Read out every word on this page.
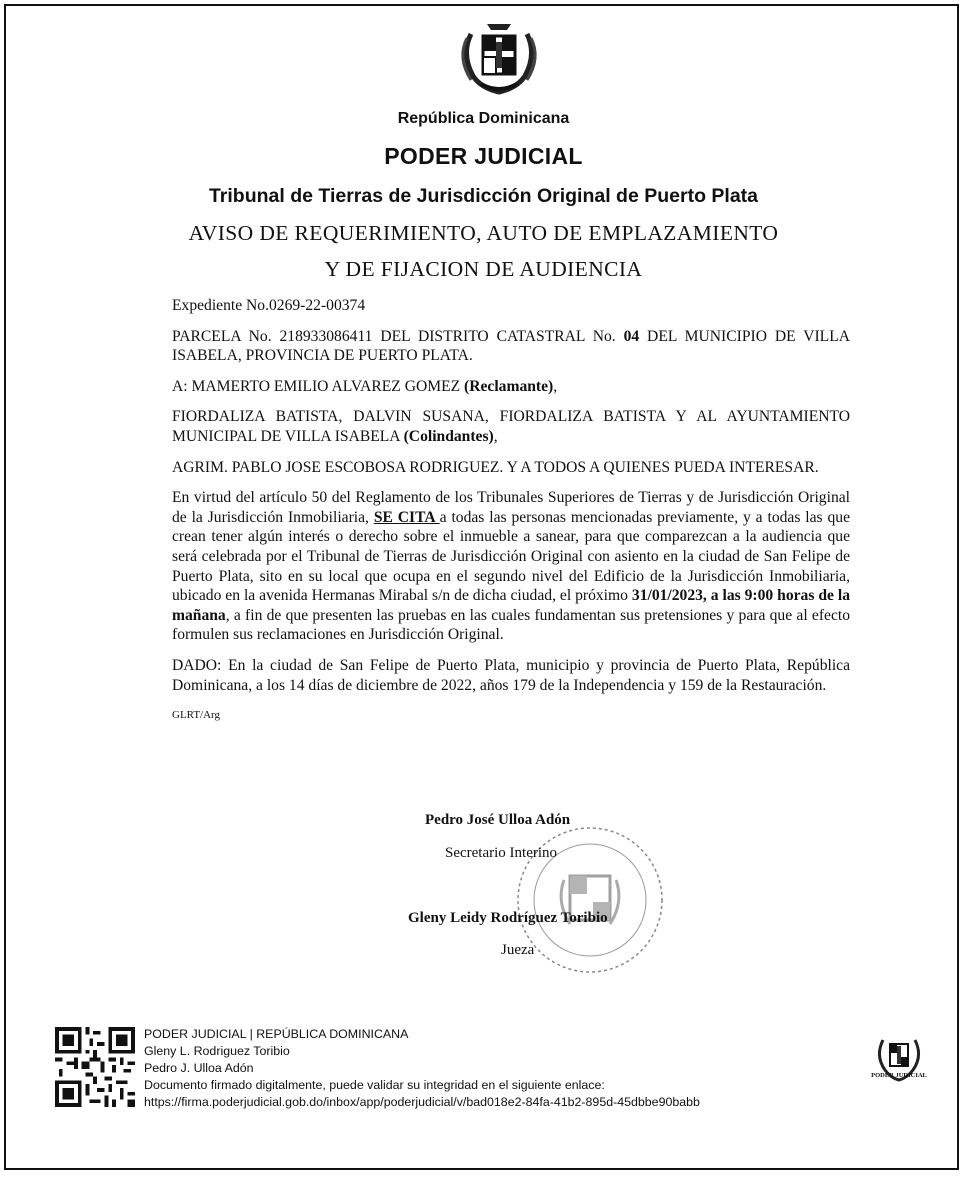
República Dominicana
PODER JUDICIAL
Tribunal de Tierras de Jurisdicción Original de Puerto Plata
AVISO DE REQUERIMIENTO, AUTO DE EMPLAZAMIENTO
Y DE FIJACION DE AUDIENCIA

Expediente No.0269-22-00374

PARCELA No. 218933086411 DEL DISTRITO CATASTRAL No. 04 DEL MUNICIPIO DE VILLA ISABELA, PROVINCIA DE PUERTO PLATA.

A: MAMERTO EMILIO ALVAREZ GOMEZ (Reclamante),

FIORDALIZA BATISTA, DALVIN SUSANA, FIORDALIZA BATISTA Y AL AYUNTAMIENTO MUNICIPAL DE VILLA ISABELA (Colindantes),

AGRIM. PABLO JOSE ESCOBOSA RODRIGUEZ. Y A TODOS A QUIENES PUEDA INTERESAR.

En virtud del artículo 50 del Reglamento de los Tribunales Superiores de Tierras y de Jurisdicción Original de la Jurisdicción Inmobiliaria, SE CITA a todas las personas mencionadas previamente, y a todas las que crean tener algún interés o derecho sobre el inmueble a sanear, para que comparezcan a la audiencia que será celebrada por el Tribunal de Tierras de Jurisdicción Original con asiento en la ciudad de San Felipe de Puerto Plata, sito en su local que ocupa en el segundo nivel del Edificio de la Jurisdicción Inmobiliaria, ubicado en la avenida Hermanas Mirabal s/n de dicha ciudad, el próximo 31/01/2023, a las 9:00 horas de la mañana, a fin de que presenten las pruebas en las cuales fundamentan sus pretensiones y para que al efecto formulen sus reclamaciones en Jurisdicción Original.

DADO: En la ciudad de San Felipe de Puerto Plata, municipio y provincia de Puerto Plata, República Dominicana, a los 14 días de diciembre de 2022, años 179 de la Independencia y 159 de la Restauración.

GLRT/Arg
Pedro José Ulloa Adón
Secretario Interino
Gleny Leidy Rodríguez Toribio
Jueza
PODER JUDICIAL | REPÚBLICA DOMINICANA
Gleny L. Rodriguez Toribio
Pedro J. Ulloa Adón
Documento firmado digitalmente, puede validar su integridad en el siguiente enlace:
https://firma.poderjudicial.gob.do/inbox/app/poderjudicial/v/bad018e2-84fa-41b2-895d-45dbbe90babb
PODER JUDICIAL
